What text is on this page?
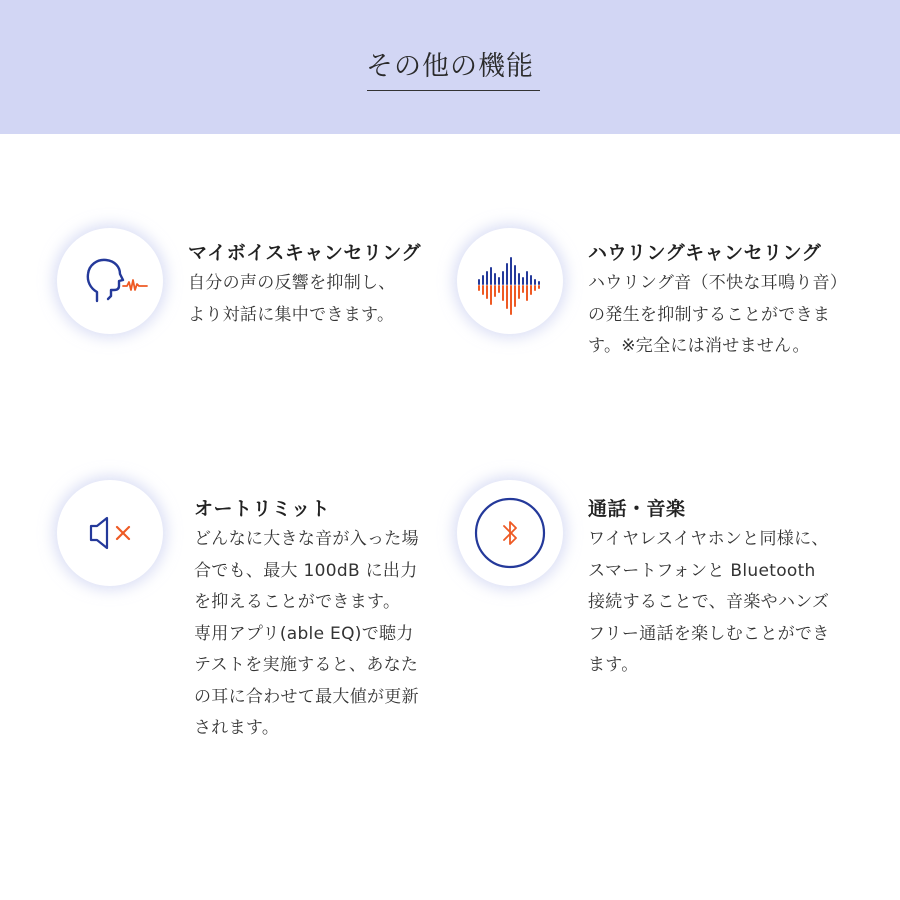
その他の機能
マイボイスキャンセリング
自分の声の反響を抑制し、
より対話に集中できます。
ハウリングキャンセリング
ハウリング音（不快な耳鳴り音）
の発生を抑制することができま
す。※完全には消せません。
オートリミット
どんなに大きな音が入った場
合でも、最大 100dB に出力
を抑えることができます。
専用アプリ(able EQ)で聴力
テストを実施すると、あなた
の耳に合わせて最大値が更新
されます。
通話・音楽
ワイヤレスイヤホンと同様に、
スマートフォンと Bluetooth
接続することで、音楽やハンズ
フリー通話を楽しむことができ
ます。
